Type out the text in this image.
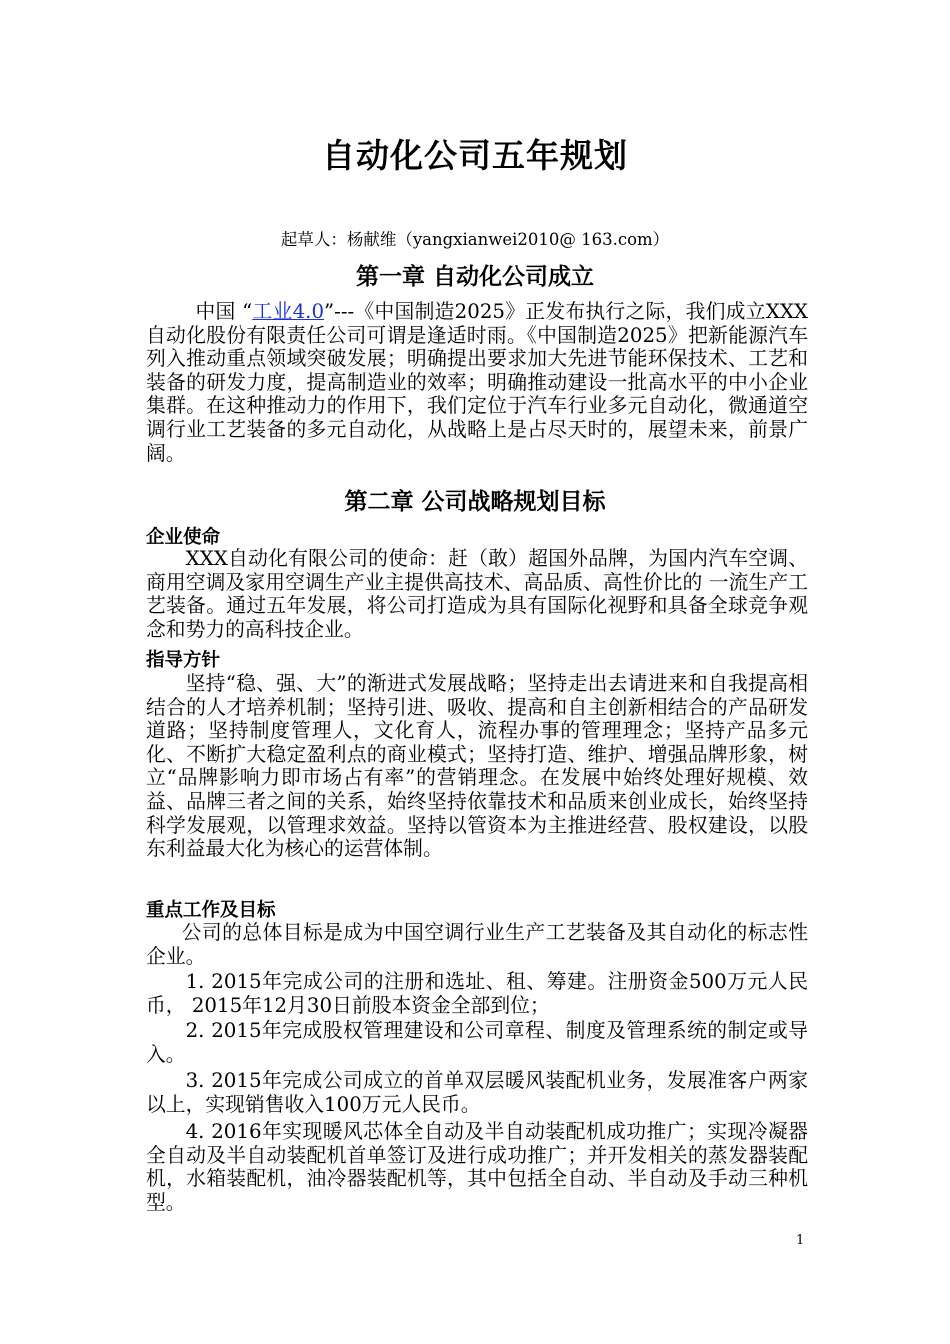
自动化公司五年规划
起草人：杨献维（yangxianwei2010@ 163.com）
第一章 自动化公司成立
中国 “工业4.0”---《中国制造2025》正发布执行之际，我们成立XXX自动化股份有限责任公司可谓是逢适时雨。《中国制造2025》把新能源汽车列入推动重点领域突破发展；明确提出要求加大先进节能环保技术、工艺和装备的研发力度，提高制造业的效率；明确推动建设一批高水平的中小企业集群。在这种推动力的作用下，我们定位于汽车行业多元自动化，微通道空调行业工艺装备的多元自动化，从战略上是占尽天时的，展望未来，前景广阔。
第二章 公司战略规划目标
企业使命
XXX自动化有限公司的使命：赶（敢）超国外品牌，为国内汽车空调、商用空调及家用空调生产业主提供高技术、高品质、高性价比的 一流生产工艺装备。通过五年发展，将公司打造成为具有国际化视野和具备全球竞争观念和势力的高科技企业。
指导方针
坚持“稳、强、大”的渐进式发展战略；坚持走出去请进来和自我提高相结合的人才培养机制；坚持引进、吸收、提高和自主创新相结合的产品研发道路；坚持制度管理人，文化育人，流程办事的管理理念；坚持产品多元化、不断扩大稳定盈利点的商业模式；坚持打造、维护、增强品牌形象，树立“品牌影响力即市场占有率”的营销理念。在发展中始终处理好规模、效益、品牌三者之间的关系，始终坚持依靠技术和品质来创业成长，始终坚持科学发展观，以管理求效益。坚持以管资本为主推进经营、股权建设，以股东利益最大化为核心的运营体制。
重点工作及目标
公司的总体目标是成为中国空调行业生产工艺装备及其自动化的标志性企业。
1. 2015年完成公司的注册和选址、租、筹建。注册资金500万元人民币， 2015年12月30日前股本资金全部到位；
2. 2015年完成股权管理建设和公司章程、制度及管理系统的制定或导入。
3. 2015年完成公司成立的首单双层暖风装配机业务，发展准客户两家以上，实现销售收入100万元人民币。
4. 2016年实现暖风芯体全自动及半自动装配机成功推广；实现冷凝器全自动及半自动装配机首单签订及进行成功推广；并开发相关的蒸发器装配机，水箱装配机，油冷器装配机等，其中包括全自动、半自动及手动三种机型。
1
